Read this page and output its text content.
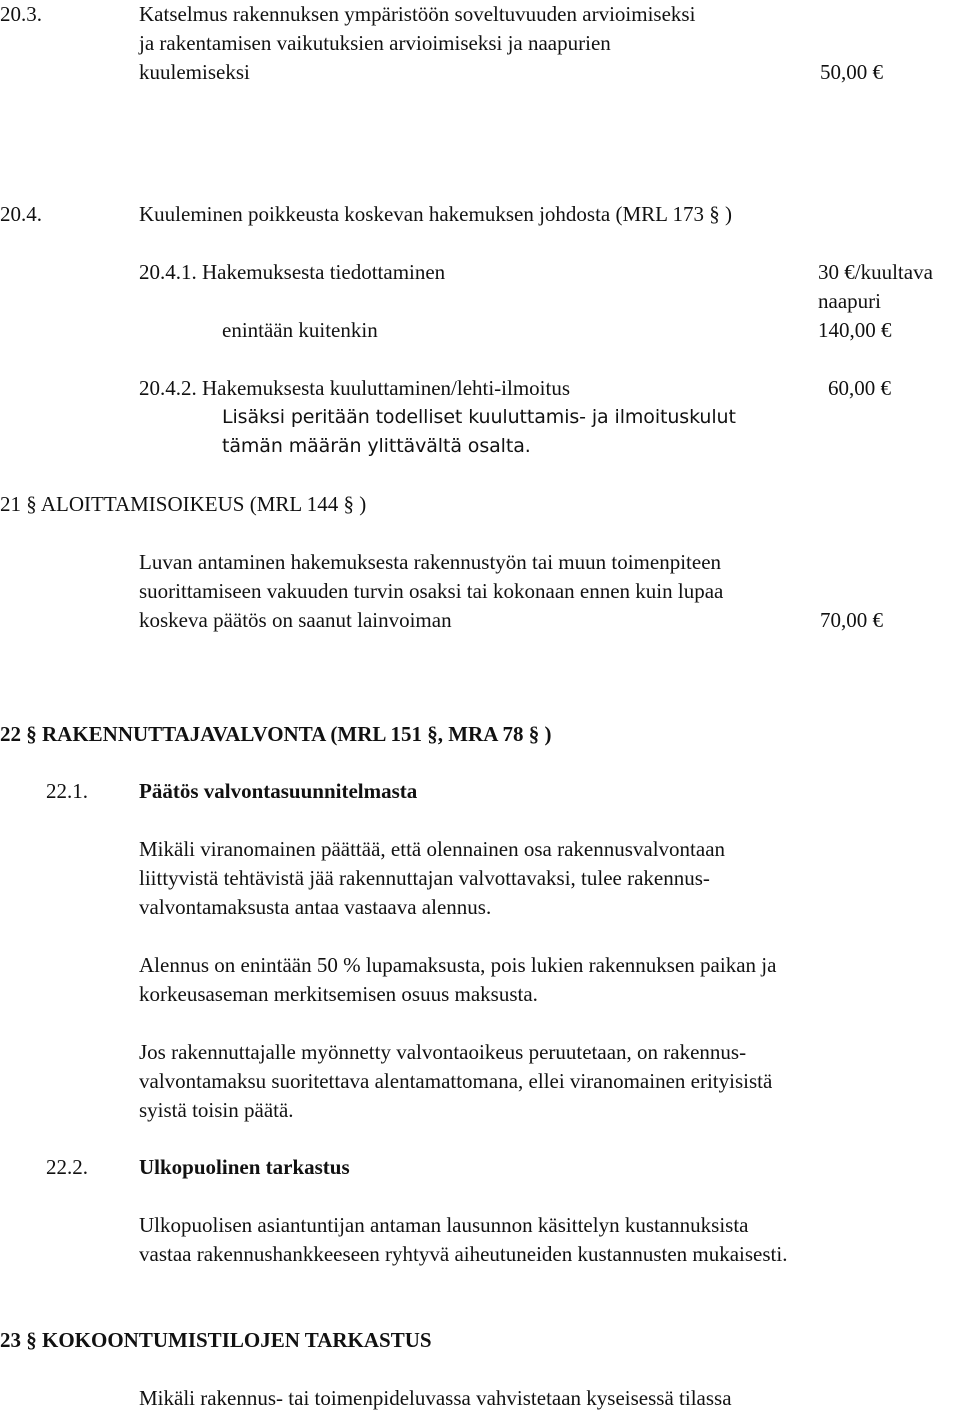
20.3.	Katselmus rakennuksen ympäristöön soveltuvuuden arvioimiseksi
ja rakentamisen vaikutuksien arvioimiseksi ja naapurien
kuulemiseksi	50,00 €
20.4.	Kuuleminen poikkeusta koskevan hakemuksen johdosta (MRL 173 § )
20.4.1. Hakemuksesta tiedottaminen	30 €/kuultava
naapuri
enintään kuitenkin	140,00 €
20.4.2. Hakemuksesta kuuluttaminen/lehti-ilmoitus	60,00 €
Lisäksi peritään todelliset kuuluttamis- ja ilmoituskulut
tämän määrän ylittävältä osalta.
21 § ALOITTAMISOIKEUS (MRL 144 § )
Luvan antaminen hakemuksesta rakennustyön tai muun toimenpiteen
suorittamiseen vakuuden turvin osaksi tai kokonaan ennen kuin lupaa
koskeva päätös on saanut lainvoiman	70,00 €
22 § RAKENNUTTAJAVALVONTA (MRL 151 §, MRA 78 § )
22.1. Päätös valvontasuunnitelmasta
Mikäli viranomainen päättää, että olennainen osa rakennusvalvontaan
liittyvistä tehtävistä jää rakennuttajan valvottavaksi, tulee rakennus-
valvontamaksusta antaa vastaava alennus.
Alennus on enintään 50 % lupamaksusta, pois lukien rakennuksen paikan ja
korkeusaseman merkitsemisen osuus maksusta.
Jos rakennuttajalle myönnetty valvontaoikeus peruutetaan, on rakennus-
valvontamaksu suoritettava alentamattomana, ellei viranomainen erityisistä
syistä toisin päätä.
22.2. Ulkopuolinen tarkastus
Ulkopuolisen asiantuntijan antaman lausunnon käsittelyn kustannuksista
vastaa rakennushankkeeseen ryhtyvä aiheutuneiden kustannusten mukaisesti.
23 § KOKOONTUMISTILOJEN TARKASTUS
Mikäli rakennus- tai toimenpideluvassa vahvistetaan kyseisessä tilassa
